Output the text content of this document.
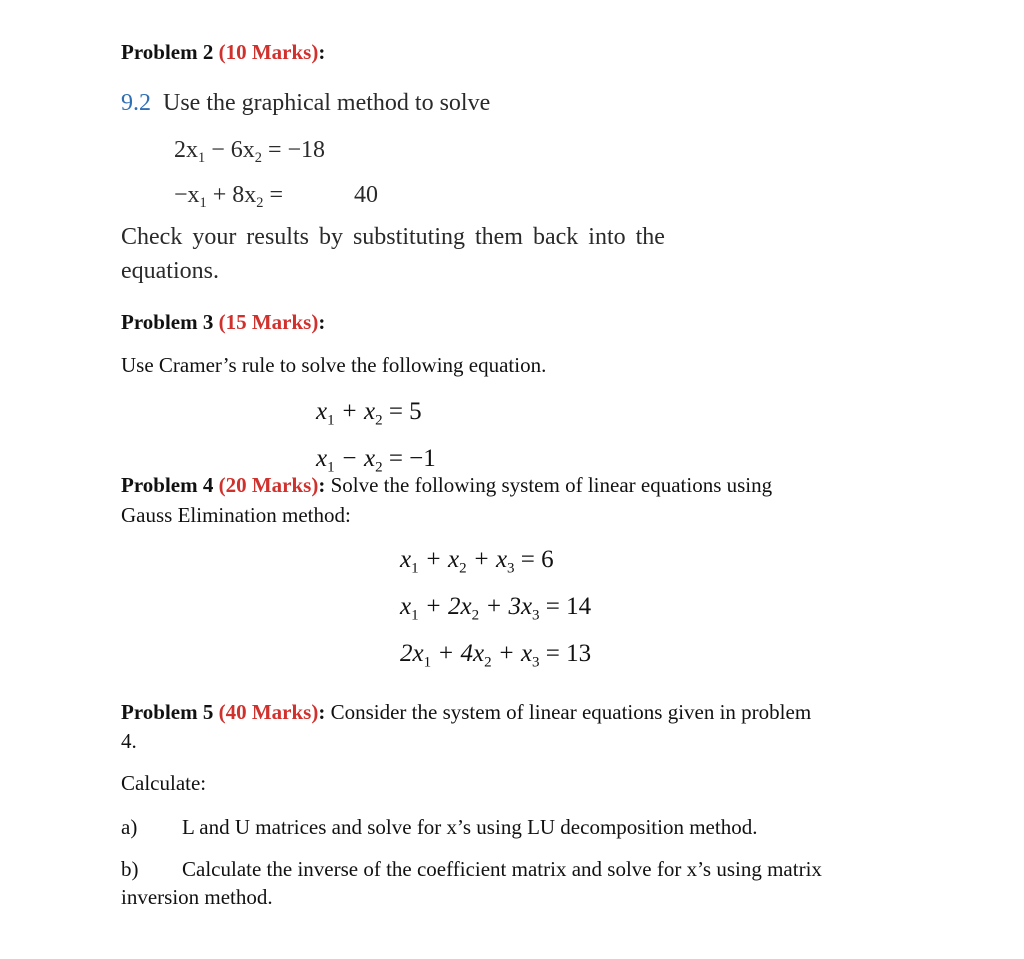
Problem 2 (10 Marks):
9.2 Use the graphical method to solve
$2x_1 - 6x_2 = -18$
$-x_1 + 8x_2$ =	40
Check your results by substituting them back into the
equations.
Problem 3 (15 Marks):
Use Cramer’s rule to solve the following equation.
$x_1 + x_2 = 5$
$x_1 - x_2 = -1$
Problem 4 (20 Marks): Solve the following system of linear equations using
Gauss Elimination method:
$x_1 + x_2 + x_3 = 6$
$x_1 + 2x_2 + 3x_3 = 14$
$2x_1 + 4x_2 + x_3 = 13$
Problem 5 (40 Marks): Consider the system of linear equations given in problem
4.
Calculate:
a) L and U matrices and solve for x’s using LU decomposition method.
b) Calculate the inverse of the coefficient matrix and solve for x’s using matrix
inversion method.
